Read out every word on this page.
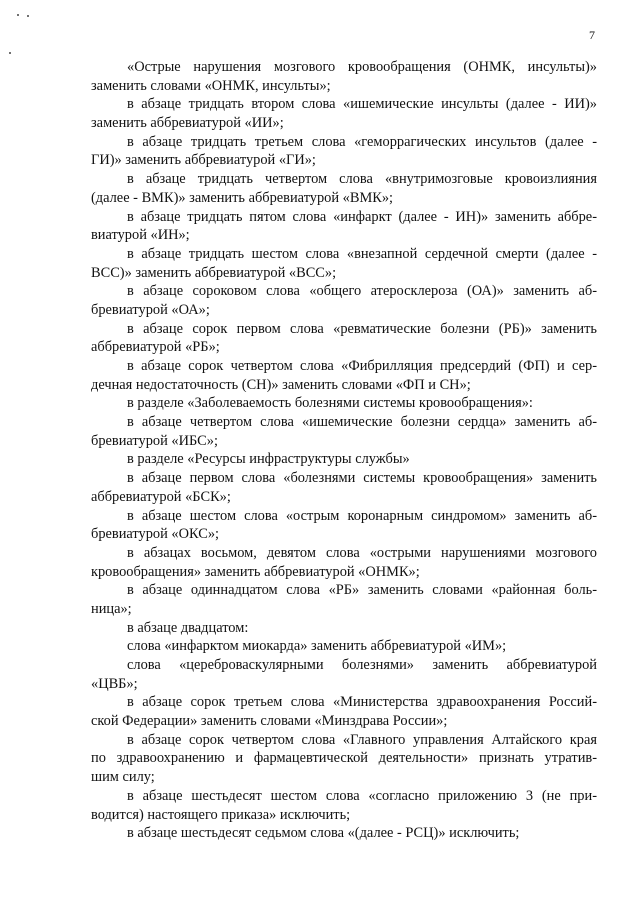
7
«Острые нарушения мозгового кровообращения (ОНМК, инсульты)»
заменить словами «ОНМК, инсульты»;
в абзаце тридцать втором слова «ишемические инсульты (далее - ИИ)»
заменить аббревиатурой «ИИ»;
в абзаце тридцать третьем слова «геморрагических инсультов (далее -
ГИ)» заменить аббревиатурой «ГИ»;
в абзаце тридцать четвертом слова «внутримозговые кровоизлияния
(далее - ВМК)» заменить аббревиатурой «ВМК»;
в абзаце тридцать пятом слова «инфаркт (далее - ИН)» заменить аббре-
виатурой «ИН»;
в абзаце тридцать шестом слова «внезапной сердечной смерти (далее -
ВСС)» заменить аббревиатурой «ВСС»;
в абзаце сороковом слова «общего атеросклероза (ОА)» заменить аб-
бревиатурой «ОА»;
в абзаце сорок первом слова «ревматические болезни (РБ)» заменить
аббревиатурой «РБ»;
в абзаце сорок четвертом слова «Фибрилляция предсердий (ФП) и сер-
дечная недостаточность (СН)» заменить словами «ФП и СН»;
в разделе «Заболеваемость болезнями системы кровообращения»:
в абзаце четвертом слова «ишемические болезни сердца» заменить аб-
бревиатурой «ИБС»;
в разделе «Ресурсы инфраструктуры службы»
в абзаце первом слова «болезнями системы кровообращения» заменить
аббревиатурой «БСК»;
в абзаце шестом слова «острым коронарным синдромом» заменить аб-
бревиатурой «ОКС»;
в абзацах восьмом, девятом слова «острыми нарушениями мозгового
кровообращения» заменить аббревиатурой «ОНМК»;
в абзаце одиннадцатом слова «РБ» заменить словами «районная боль-
ница»;
в абзаце двадцатом:
слова «инфарктом миокарда» заменить аббревиатурой «ИМ»;
слова «цереброваскулярными болезнями» заменить аббревиатурой
«ЦВБ»;
в абзаце сорок третьем слова «Министерства здравоохранения Россий-
ской Федерации» заменить словами «Минздрава России»;
в абзаце сорок четвертом слова «Главного управления Алтайского края
по здравоохранению и фармацевтической деятельности» признать утратив-
шим силу;
в абзаце шестьдесят шестом слова «согласно приложению 3 (не при-
водится) настоящего приказа» исключить;
в абзаце шестьдесят седьмом слова «(далее - РСЦ)» исключить;
